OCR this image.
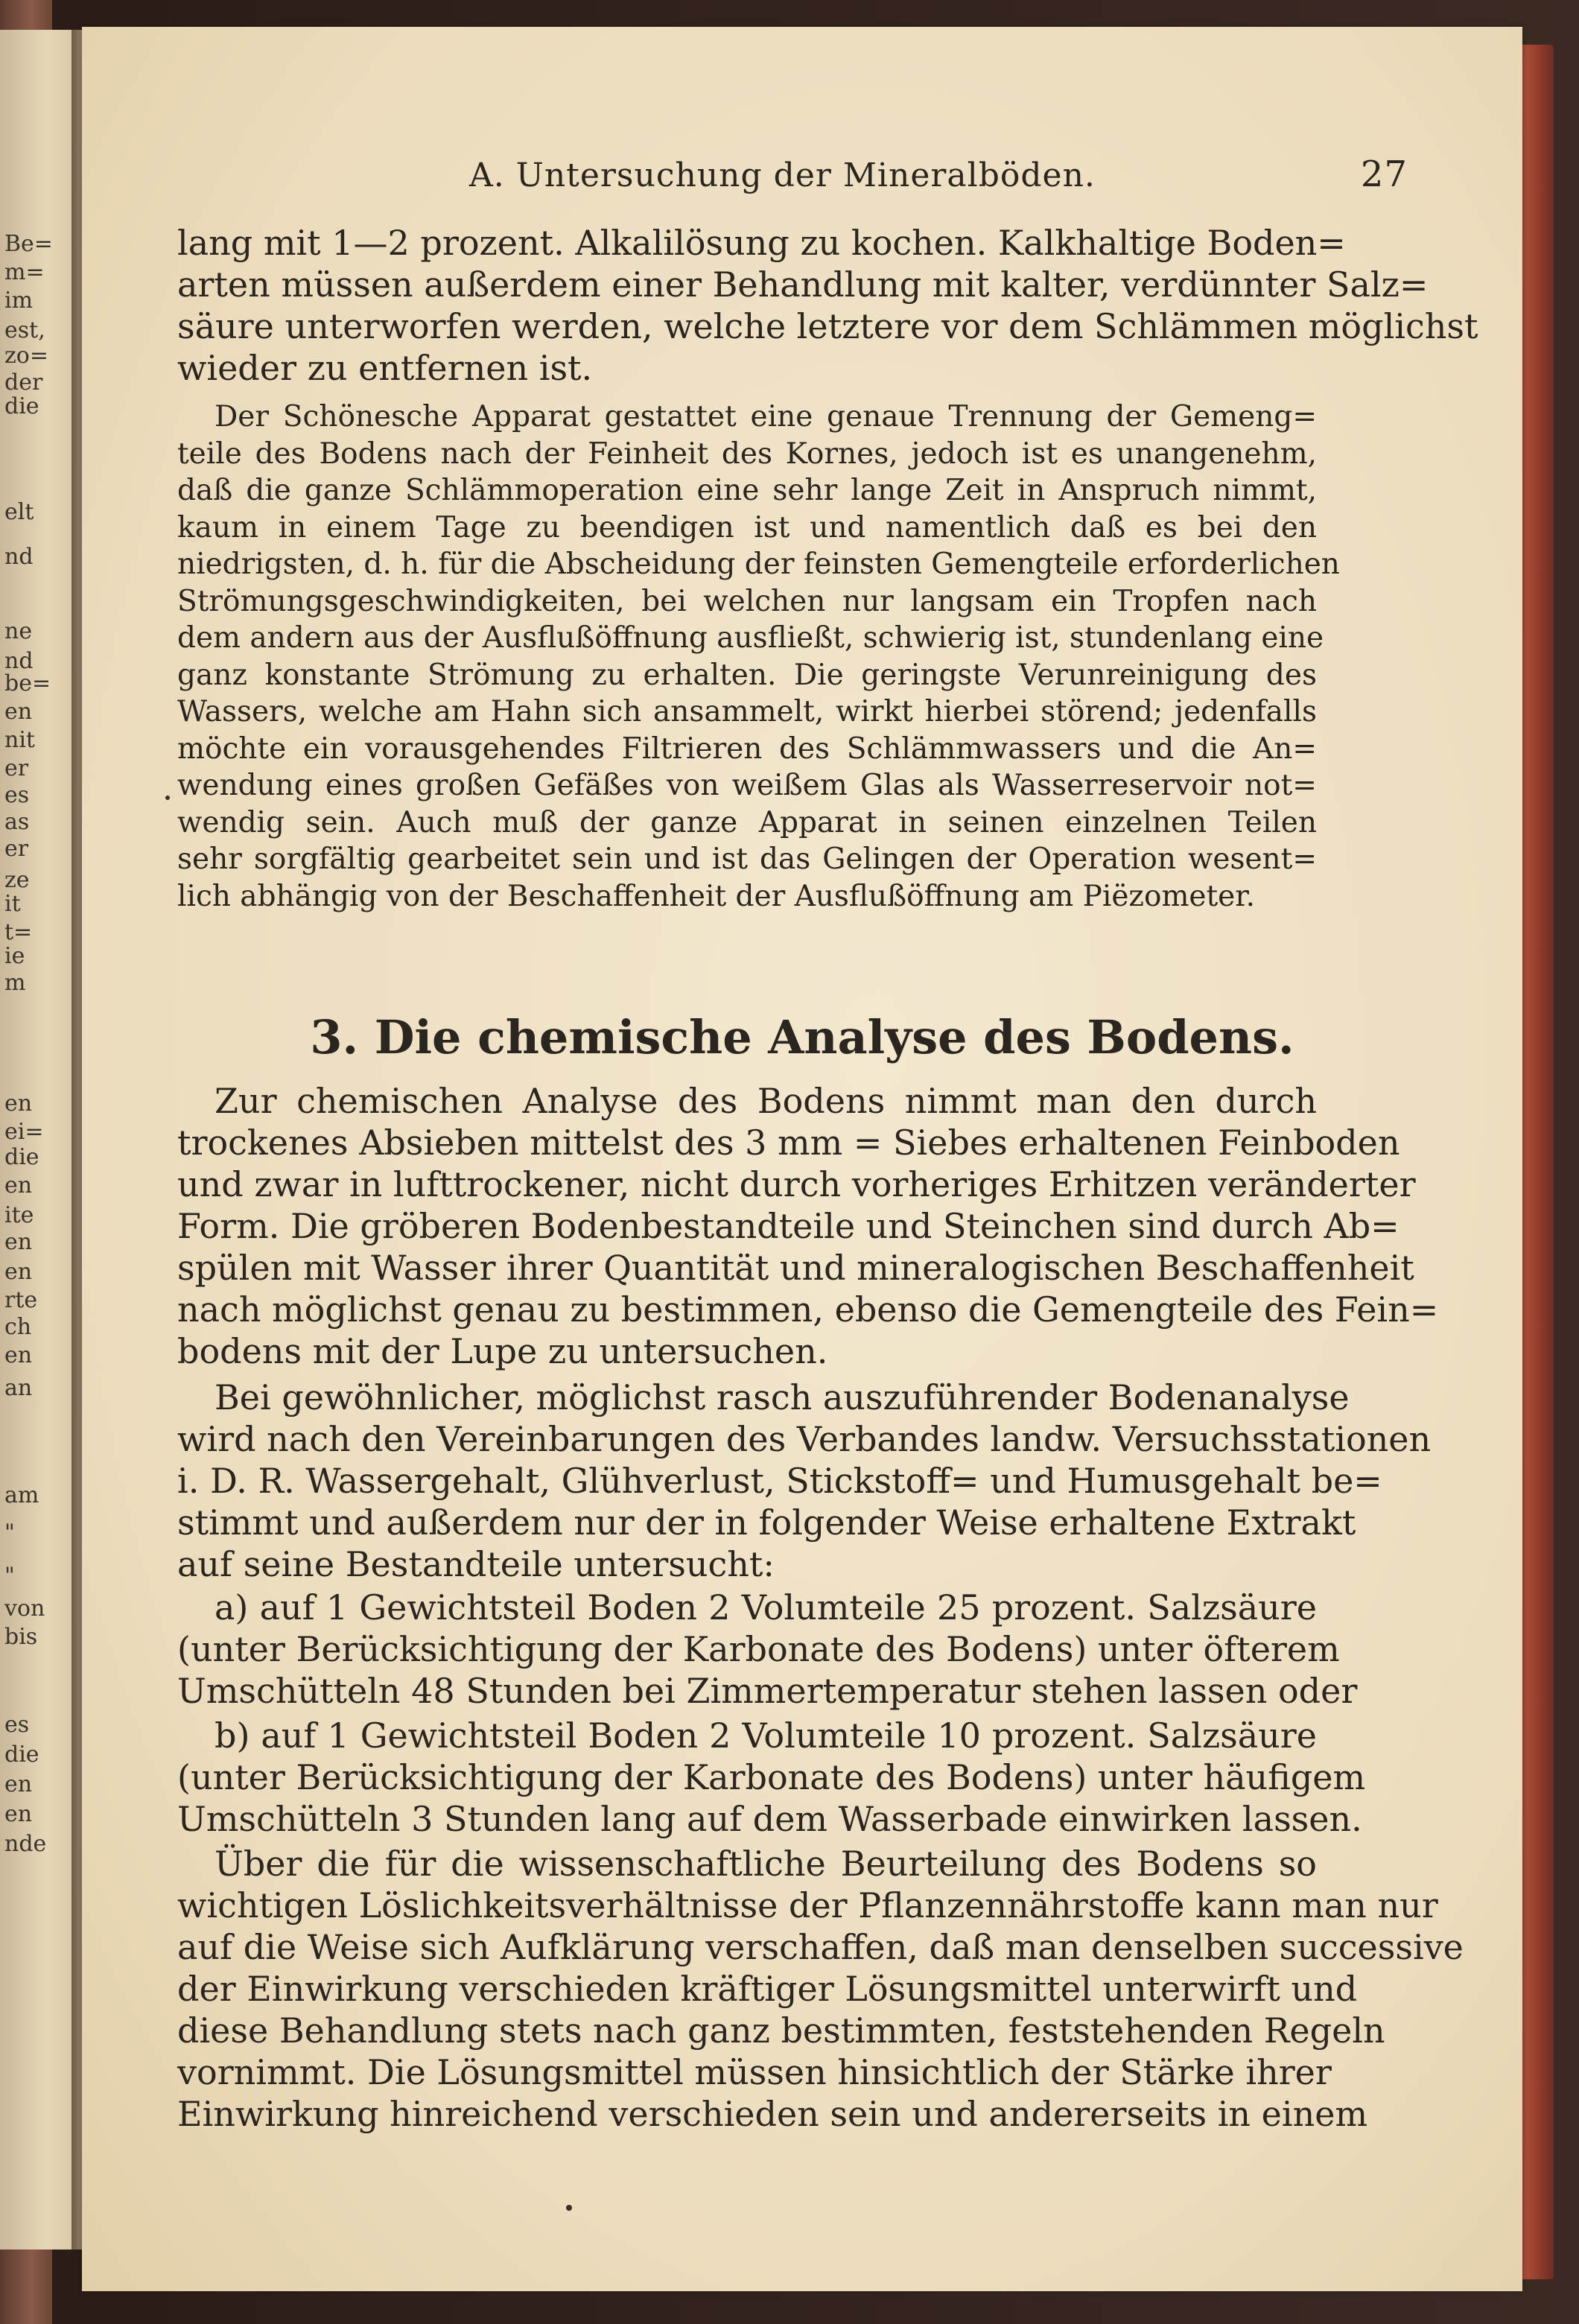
Be=
m=
im
est,
zo=
der
die
elt
nd
ne
nd
be=
en
nit
er
es
as
er
ze
it
t=
ie
m
en
ei=
die
en
ite
en
en
rte
ch
en
an
am
"
"
von
bis
es
die
en
en
nde
A. Untersuchung der Mineralböden.	27
lang mit 1—2 prozent. Alkalilösung zu kochen. Kalkhaltige Boden=
arten müssen außerdem einer Behandlung mit kalter, verdünnter Salz=
säure unterworfen werden, welche letztere vor dem Schlämmen möglichst
wieder zu entfernen ist.
Der Schönesche Apparat gestattet eine genaue Trennung der Gemeng=
teile des Bodens nach der Feinheit des Kornes, jedoch ist es unangenehm,
daß die ganze Schlämmoperation eine sehr lange Zeit in Anspruch nimmt,
kaum in einem Tage zu beendigen ist und namentlich daß es bei den
niedrigsten, d. h. für die Abscheidung der feinsten Gemengteile erforderlichen
Strömungsgeschwindigkeiten, bei welchen nur langsam ein Tropfen nach
dem andern aus der Ausflußöffnung ausfließt, schwierig ist, stundenlang eine
ganz konstante Strömung zu erhalten. Die geringste Verunreinigung des
Wassers, welche am Hahn sich ansammelt, wirkt hierbei störend; jedenfalls
möchte ein vorausgehendes Filtrieren des Schlämmwassers und die An=
wendung eines großen Gefäßes von weißem Glas als Wasserreservoir not=
wendig sein. Auch muß der ganze Apparat in seinen einzelnen Teilen
sehr sorgfältig gearbeitet sein und ist das Gelingen der Operation wesent=
lich abhängig von der Beschaffenheit der Ausflußöffnung am Piëzometer.
Zur chemischen Analyse des Bodens nimmt man den durch
trockenes Absieben mittelst des 3 mm = Siebes erhaltenen Feinboden
und zwar in lufttrockener, nicht durch vorheriges Erhitzen veränderter
Form. Die gröberen Bodenbestandteile und Steinchen sind durch Ab=
spülen mit Wasser ihrer Quantität und mineralogischen Beschaffenheit
nach möglichst genau zu bestimmen, ebenso die Gemengteile des Fein=
bodens mit der Lupe zu untersuchen.
Bei gewöhnlicher, möglichst rasch auszuführender Bodenanalyse
wird nach den Vereinbarungen des Verbandes landw. Versuchsstationen
i. D. R. Wassergehalt, Glühverlust, Stickstoff= und Humusgehalt be=
stimmt und außerdem nur der in folgender Weise erhaltene Extrakt
auf seine Bestandteile untersucht:
a) auf 1 Gewichtsteil Boden 2 Volumteile 25 prozent. Salzsäure
(unter Berücksichtigung der Karbonate des Bodens) unter öfterem
Umschütteln 48 Stunden bei Zimmertemperatur stehen lassen oder
b) auf 1 Gewichtsteil Boden 2 Volumteile 10 prozent. Salzsäure
(unter Berücksichtigung der Karbonate des Bodens) unter häufigem
Umschütteln 3 Stunden lang auf dem Wasserbade einwirken lassen.
Über die für die wissenschaftliche Beurteilung des Bodens so
wichtigen Löslichkeitsverhältnisse der Pflanzennährstoffe kann man nur
auf die Weise sich Aufklärung verschaffen, daß man denselben successive
der Einwirkung verschieden kräftiger Lösungsmittel unterwirft und
diese Behandlung stets nach ganz bestimmten, feststehenden Regeln
vornimmt. Die Lösungsmittel müssen hinsichtlich der Stärke ihrer
Einwirkung hinreichend verschieden sein und andererseits in einem
3. Die chemische Analyse des Bodens.
